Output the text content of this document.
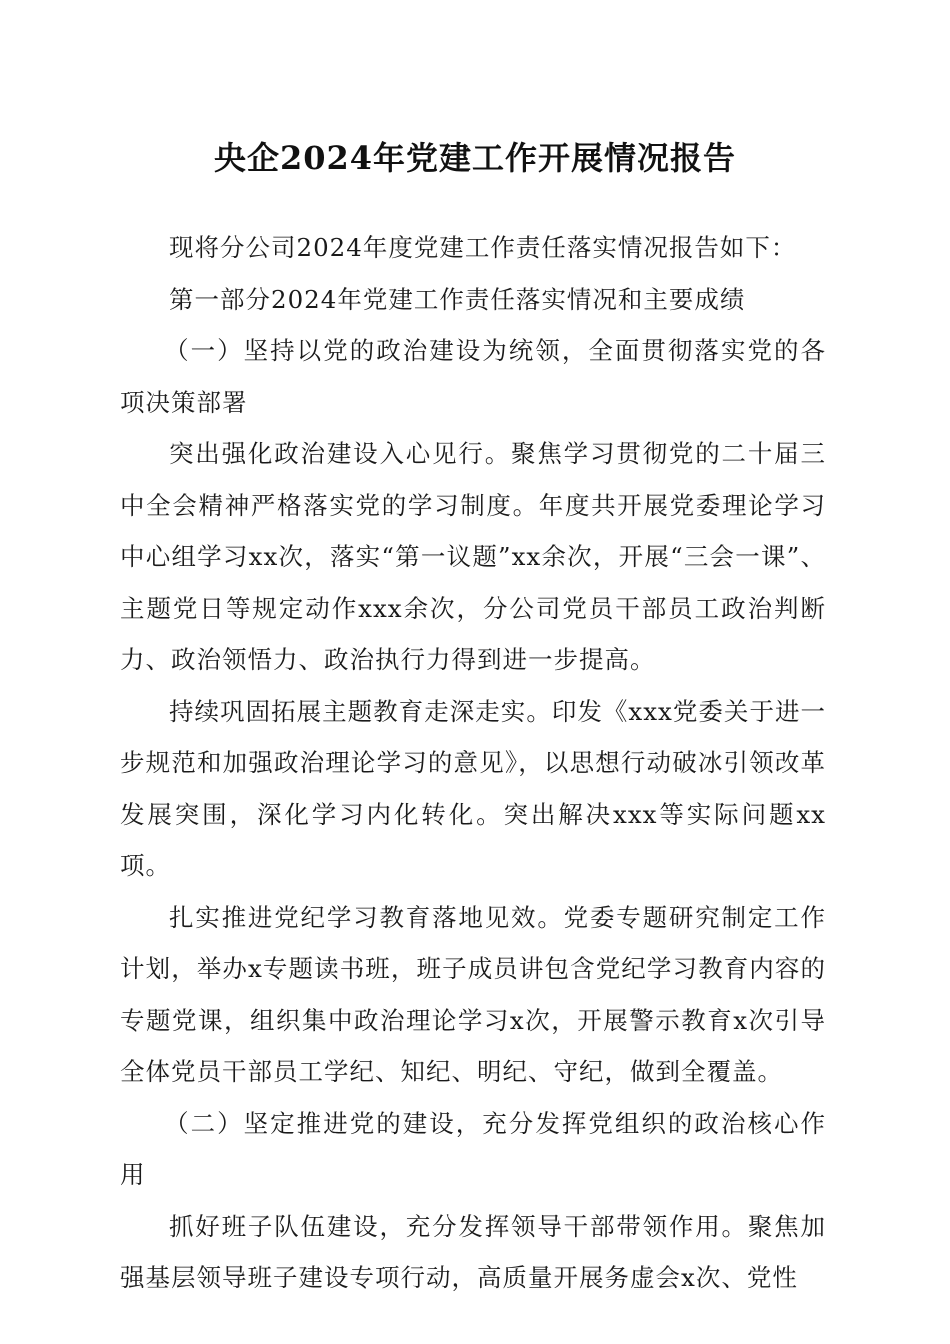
央企2024年党建工作开展情况报告

现将分公司2024年度党建工作责任落实情况报告如下：

第一部分2024年党建工作责任落实情况和主要成绩

（一）坚持以党的政治建设为统领，全面贯彻落实党的各项决策部署

突出强化政治建设入心见行。聚焦学习贯彻党的二十届三中全会精神严格落实党的学习制度。年度共开展党委理论学习中心组学习xx次，落实“第一议题”xx余次，开展“三会一课”、主题党日等规定动作xxx余次，分公司党员干部员工政治判断力、政治领悟力、政治执行力得到进一步提高。

持续巩固拓展主题教育走深走实。印发《xxx党委关于进一步规范和加强政治理论学习的意见》，以思想行动破冰引领改革发展突围，深化学习内化转化。突出解决xxx等实际问题xx项。

扎实推进党纪学习教育落地见效。党委专题研究制定工作计划，举办x专题读书班，班子成员讲包含党纪学习教育内容的专题党课，组织集中政治理论学习x次，开展警示教育x次引导全体党员干部员工学纪、知纪、明纪、守纪，做到全覆盖。

（二）坚定推进党的建设，充分发挥党组织的政治核心作用

抓好班子队伍建设，充分发挥领导干部带领作用。聚焦加强基层领导班子建设专项行动，高质量开展务虚会x次、党性
